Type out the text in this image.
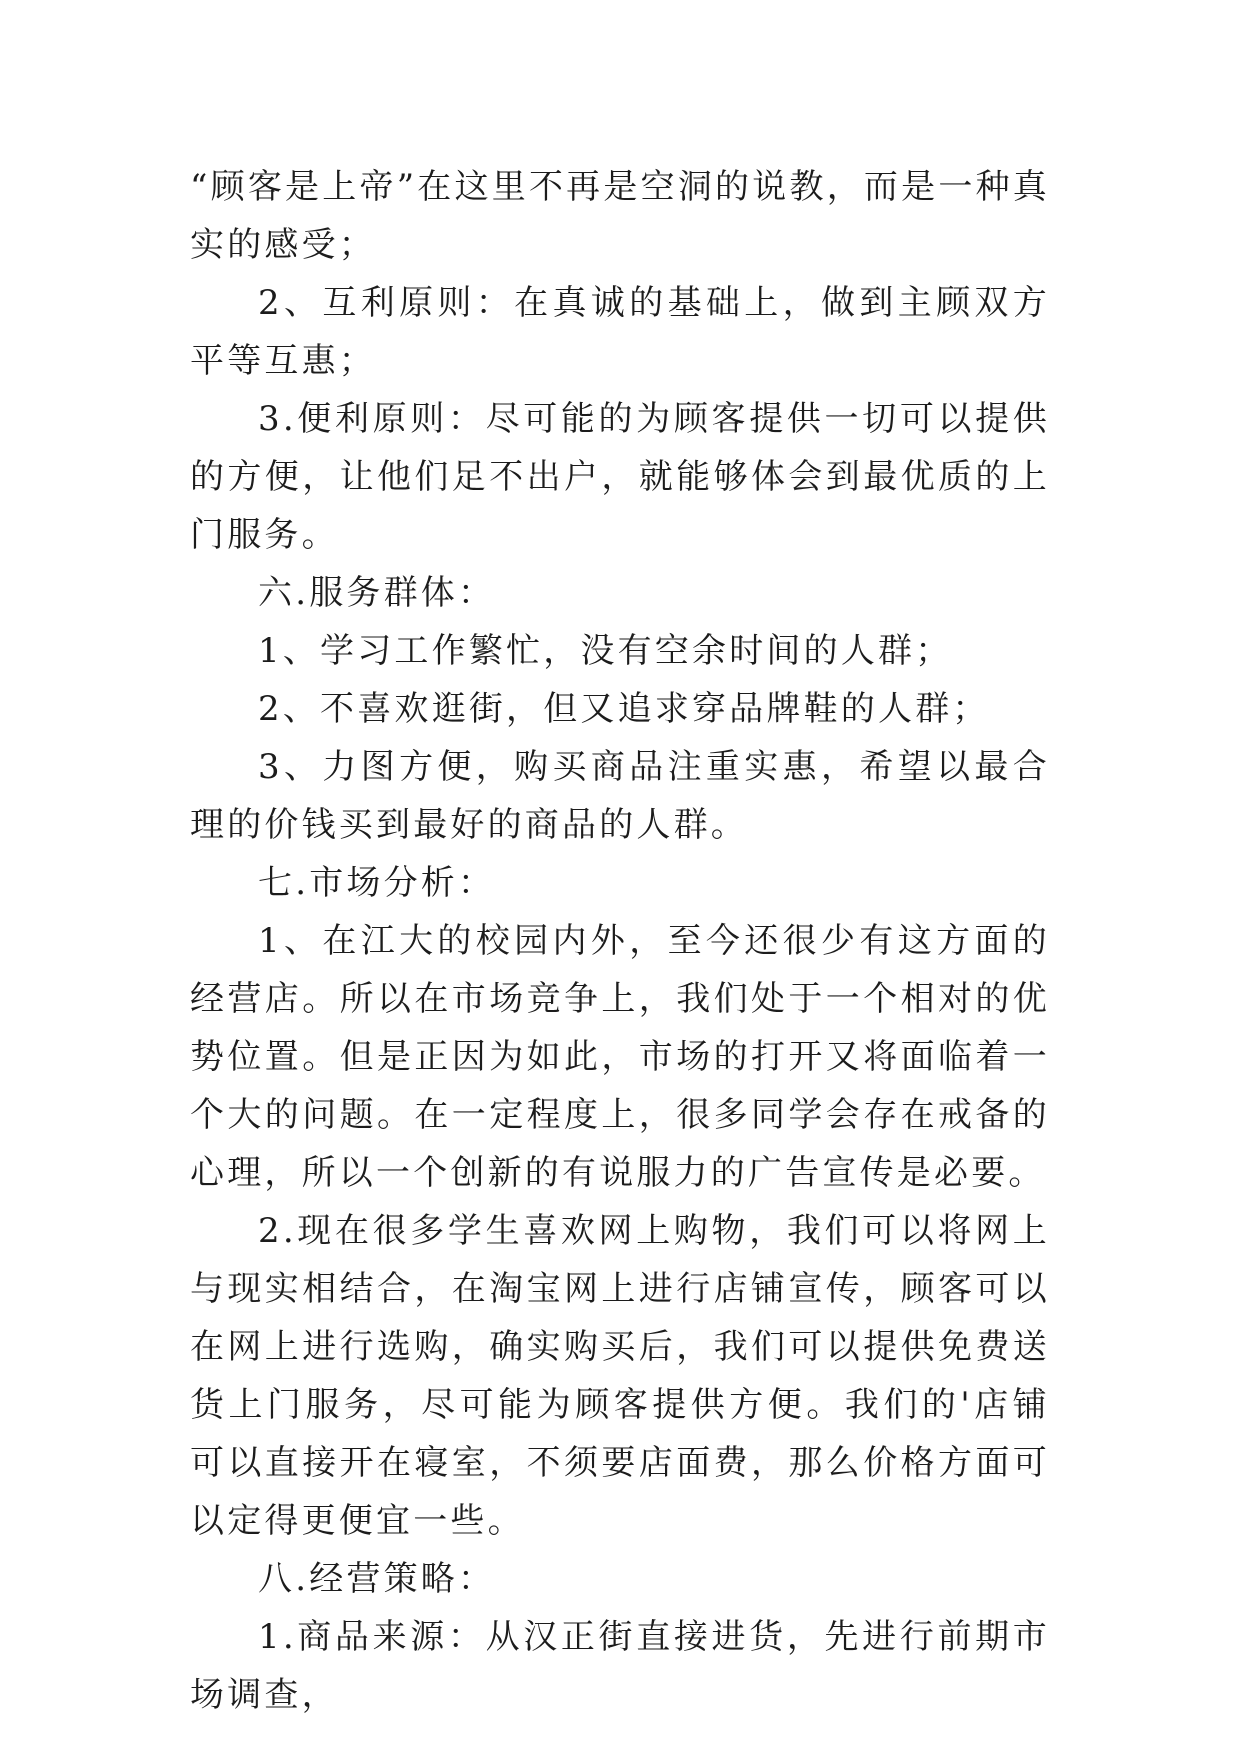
“顾客是上帝”在这里不再是空洞的说教，而是一种真实的感受；

2、互利原则：在真诚的基础上，做到主顾双方平等互惠；

3.便利原则：尽可能的为顾客提供一切可以提供的方便，让他们足不出户，就能够体会到最优质的上门服务。

六.服务群体：

1、学习工作繁忙，没有空余时间的人群；

2、不喜欢逛街，但又追求穿品牌鞋的人群；

3、力图方便，购买商品注重实惠，希望以最合理的价钱买到最好的商品的人群。

七.市场分析：

1、在江大的校园内外，至今还很少有这方面的经营店。所以在市场竞争上，我们处于一个相对的优势位置。但是正因为如此，市场的打开又将面临着一个大的问题。在一定程度上，很多同学会存在戒备的心理，所以一个创新的有说服力的广告宣传是必要。

2.现在很多学生喜欢网上购物，我们可以将网上与现实相结合，在淘宝网上进行店铺宣传，顾客可以在网上进行选购，确实购买后，我们可以提供免费送货上门服务，尽可能为顾客提供方便。我们的'店铺可以直接开在寝室，不须要店面费，那么价格方面可以定得更便宜一些。

八.经营策略：

1.商品来源：从汉正街直接进货，先进行前期市场调查，
